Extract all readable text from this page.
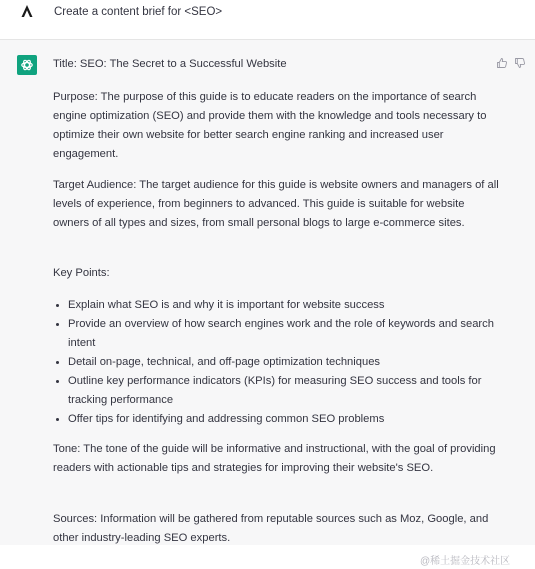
Create a content brief for <SEO>
Title: SEO: The Secret to a Successful Website
Purpose: The purpose of this guide is to educate readers on the importance of search engine optimization (SEO) and provide them with the knowledge and tools necessary to optimize their own website for better search engine ranking and increased user engagement.
Target Audience: The target audience for this guide is website owners and managers of all levels of experience, from beginners to advanced. This guide is suitable for website owners of all types and sizes, from small personal blogs to large e-commerce sites.
Key Points:
Explain what SEO is and why it is important for website success
Provide an overview of how search engines work and the role of keywords and search intent
Detail on-page, technical, and off-page optimization techniques
Outline key performance indicators (KPIs) for measuring SEO success and tools for tracking performance
Offer tips for identifying and addressing common SEO problems
Tone: The tone of the guide will be informative and instructional, with the goal of providing readers with actionable tips and strategies for improving their website's SEO.
Sources: Information will be gathered from reputable sources such as Moz, Google, and other industry-leading SEO experts.
@稀土掘金技术社区
